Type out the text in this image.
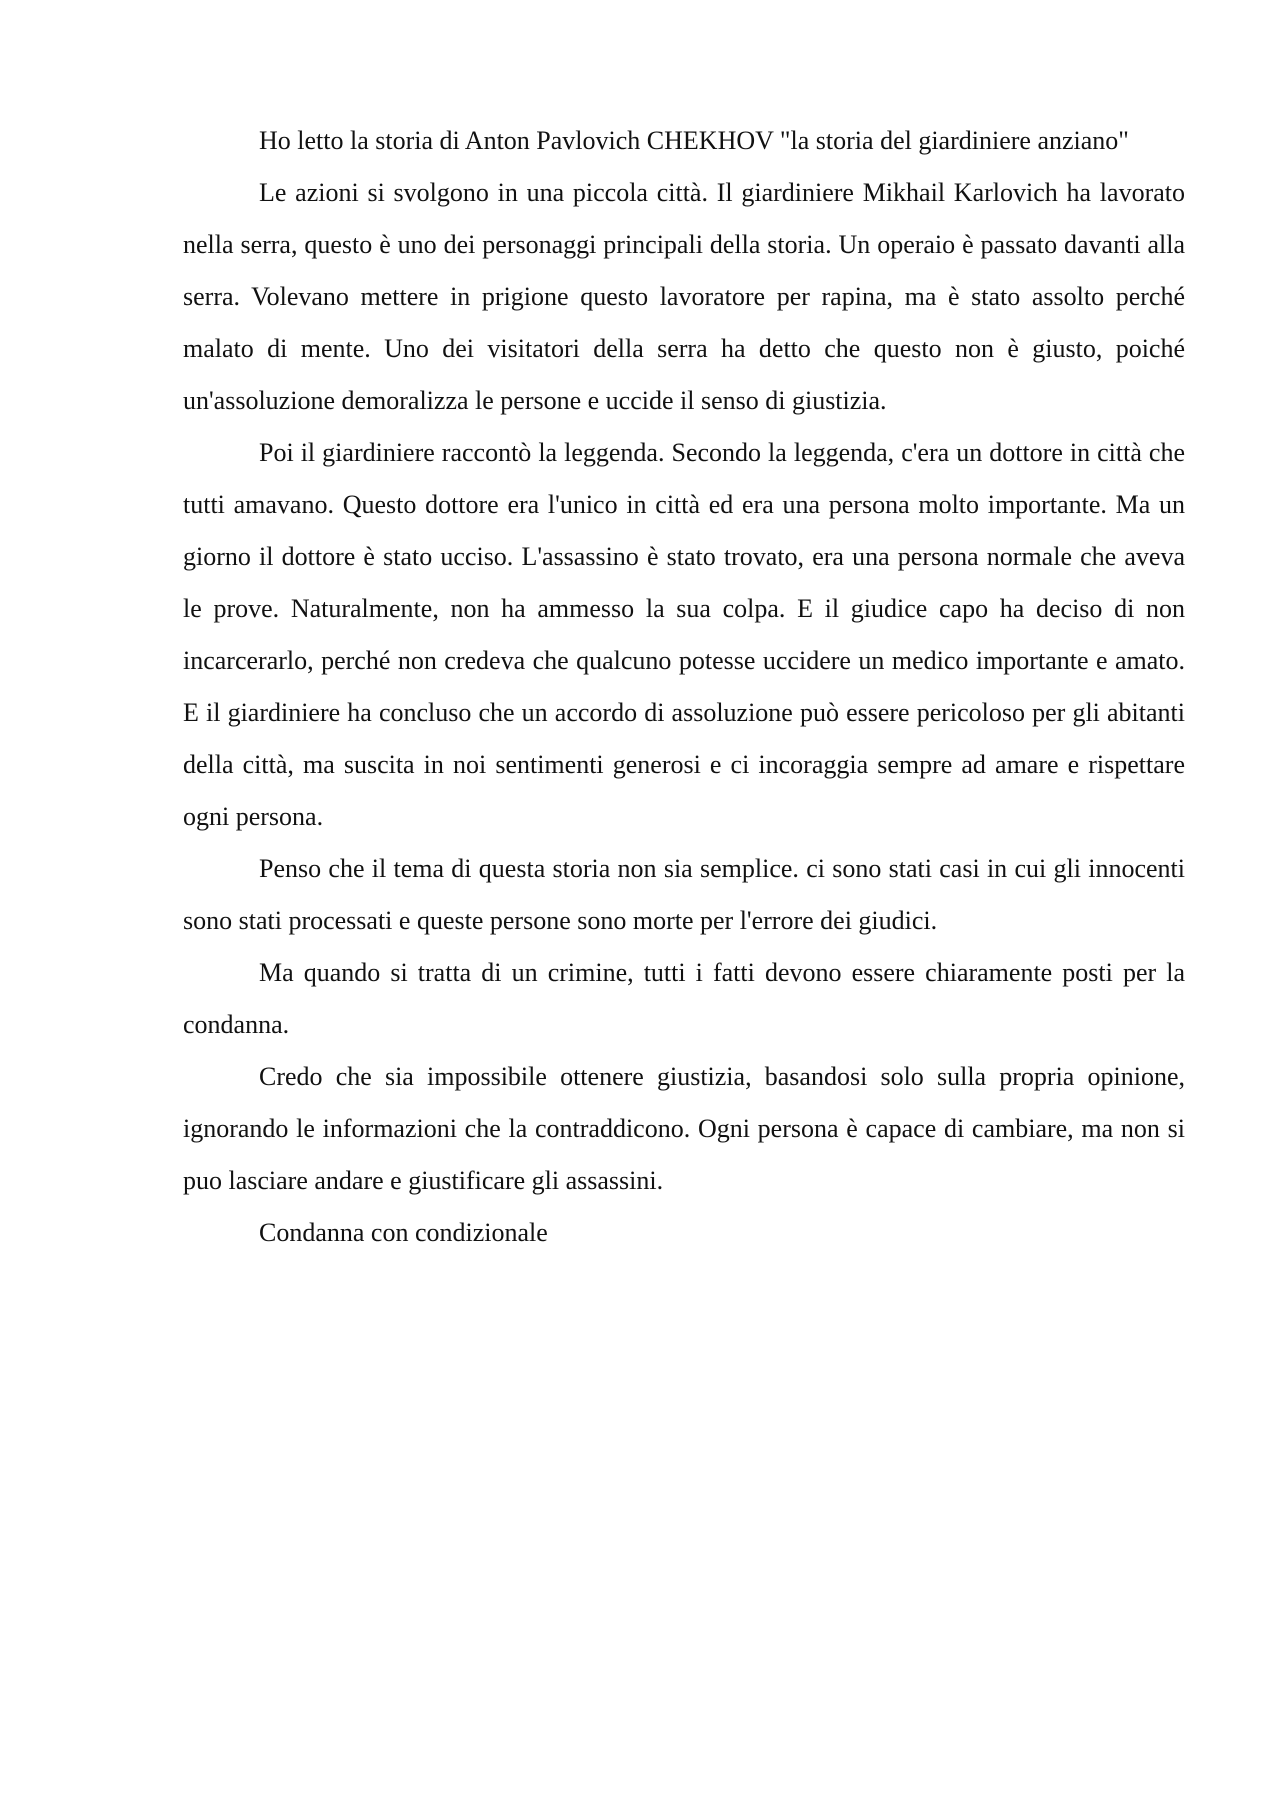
Ho letto la storia di Anton Pavlovich CHEKHOV "la storia del giardiniere anziano"

Le azioni si svolgono in una piccola città. Il giardiniere Mikhail Karlovich ha lavorato nella serra, questo è uno dei personaggi principali della storia. Un operaio è passato davanti alla serra. Volevano mettere in prigione questo lavoratore per rapina, ma è stato assolto perché malato di mente. Uno dei visitatori della serra ha detto che questo non è giusto, poiché un'assoluzione demoralizza le persone e uccide il senso di giustizia.

Poi il giardiniere raccontò la leggenda. Secondo la leggenda, c'era un dottore in città che tutti amavano. Questo dottore era l'unico in città ed era una persona molto importante. Ma un giorno il dottore è stato ucciso. L'assassino è stato trovato, era una persona normale che aveva le prove. Naturalmente, non ha ammesso la sua colpa. E il giudice capo ha deciso di non incarcerarlo, perché non credeva che qualcuno potesse uccidere un medico importante e amato. E il giardiniere ha concluso che un accordo di assoluzione può essere pericoloso per gli abitanti della città, ma suscita in noi sentimenti generosi e ci incoraggia sempre ad amare e rispettare ogni persona.

Penso che il tema di questa storia non sia semplice. ci sono stati casi in cui gli innocenti sono stati processati e queste persone sono morte per l'errore dei giudici.

Ma quando si tratta di un crimine, tutti i fatti devono essere chiaramente posti per la condanna.

Credo che sia impossibile ottenere giustizia, basandosi solo sulla propria opinione, ignorando le informazioni che la contraddicono. Ogni persona è capace di cambiare, ma non si puo lasciare andare e giustificare gli assassini.

Condanna con condizionale
